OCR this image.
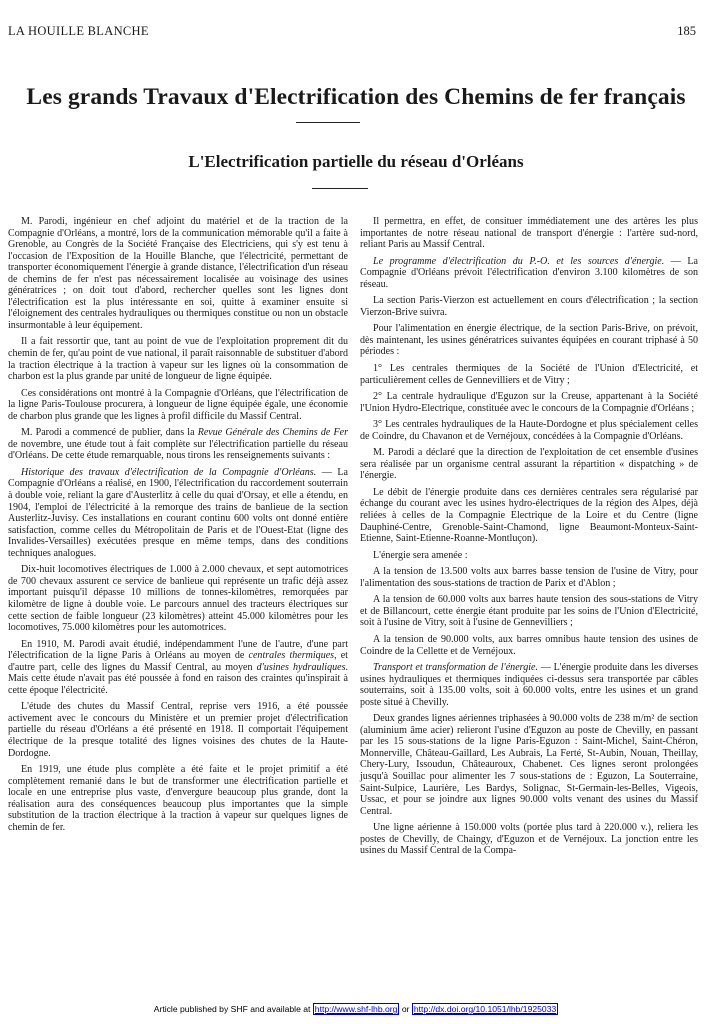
LA HOUILLE BLANCHE	185
Les grands Travaux d'Electrification des Chemins de fer français
L'Electrification partielle du réseau d'Orléans

M. Parodi, ingénieur en chef adjoint du matériel et de la traction de la Compagnie d'Orléans, a montré, lors de la communication mémorable qu'il a faite à Grenoble, au Congrès de la Société Française des Electriciens, qui s'y est tenu à l'occasion de l'Exposition de la Houille Blanche, que l'électricité, permettant de transporter économiquement l'énergie à grande distance, l'électrification d'un réseau de chemins de fer n'est pas nécessairement localisée au voisinage des usines génératrices ; on doit tout d'abord, rechercher quelles sont les lignes dont l'électrification est la plus intéressante en soi, quitte à examiner ensuite si l'éloignement des centrales hydrauliques ou thermiques constitue ou non un obstacle insurmontable à leur équipement.

Il a fait ressortir que, tant au point de vue de l'exploitation proprement dit du chemin de fer, qu'au point de vue national, il paraît raisonnable de substituer d'abord la traction électrique à la traction à vapeur sur les lignes où la consommation de charbon est la plus grande par unité de longueur de ligne équipée.

Ces considérations ont montré à la Compagnie d'Orléans, que l'électrification de la ligne Paris-Toulouse procurera, à longueur de ligne équipée égale, une économie de charbon plus grande que les lignes à profil difficile du Massif Central.

M. Parodi a commencé de publier, dans la Revue Générale des Chemins de Fer de novembre, une étude tout à fait complète sur l'électrification partielle du réseau d'Orléans. De cette étude remarquable, nous tirons les renseignements suivants :

Historique des travaux d'électrification de la Compagnie d'Orléans. — La Compagnie d'Orléans a réalisé, en 1900, l'électrification du raccordement souterrain à double voie, reliant la gare d'Austerlitz à celle du quai d'Orsay, et elle a étendu, en 1904, l'emploi de l'électricité à la remorque des trains de banlieue de la section Austerlitz-Juvisy. Ces installations en courant continu 600 volts ont donné entière satisfaction, comme celles du Métropolitain de Paris et de l'Ouest-Etat (ligne des Invalides-Versailles) exécutées presque en même temps, dans des conditions techniques analogues.

Dix-huit locomotives électriques de 1.000 à 2.000 chevaux, et sept automotrices de 700 chevaux assurent ce service de banlieue qui représente un trafic déjà assez important puisqu'il dépasse 10 millions de tonnes-kilomètres, remorquées par kilomètre de ligne à double voie. Le parcours annuel des tracteurs électriques sur cette section de faible longueur (23 kilomètres) atteint 45.000 kilomètres pour les locomotives, 75.000 kilomètres pour les automotrices.

En 1910, M. Parodi avait étudié, indépendamment l'une de l'autre, d'une part l'électrification de la ligne Paris à Orléans au moyen de centrales thermiques, et d'autre part, celle des lignes du Massif Central, au moyen d'usines hydrauliques. Mais cette étude n'avait pas été poussée à fond en raison des craintes qu'inspirait à cette époque l'électricité.

L'étude des chutes du Massif Central, reprise vers 1916, a été poussée activement avec le concours du Ministère et un premier projet d'électrification partielle du réseau d'Orléans a été présenté en 1918. Il comportait l'équipement électrique de la presque totalité des lignes voisines des chutes de la Haute-Dordogne.

En 1919, une étude plus complète a été faite et le projet primitif a été complètement remanié dans le but de transformer une électrification partielle et locale en une entreprise plus vaste, d'envergure beaucoup plus grande, dont la réalisation aura des conséquences beaucoup plus importantes que la simple substitution de la traction électrique à la traction à vapeur sur quelques lignes de chemin de fer.

Il permettra, en effet, de consituer immédiatement une des artères les plus importantes de notre réseau national de transport d'énergie : l'artère sud-nord, reliant Paris au Massif Central.

Le programme d'électrification du P.-O. et les sources d'énergie. — La Compagnie d'Orléans prévoit l'électrification d'environ 3.100 kilomètres de son réseau.

La section Paris-Vierzon est actuellement en cours d'électrification ; la section Vierzon-Brive suivra.

Pour l'alimentation en énergie électrique, de la section Paris-Brive, on prévoit, dès maintenant, les usines génératrices suivantes équipées en courant triphasé à 50 périodes :

1° Les centrales thermiques de la Société de l'Union d'Electricité, et particulièrement celles de Gennevilliers et de Vitry ;

2° La centrale hydraulique d'Eguzon sur la Creuse, appartenant à la Société l'Union Hydro-Electrique, constituée avec le concours de la Compagnie d'Orléans ;

3° Les centrales hydrauliques de la Haute-Dordogne et plus spécialement celles de Coindre, du Chavanon et de Vernéjoux, concédées à la Compagnie d'Orléans.

M. Parodi a déclaré que la direction de l'exploitation de cet ensemble d'usines sera réalisée par un organisme central assurant la répartition « dispatching » de l'énergie.

Le débit de l'énergie produite dans ces dernières centrales sera régularisé par échange du courant avec les usines hydro-électriques de la région des Alpes, déjà reliées à celles de la Compagnie Electrique de la Loire et du Centre (ligne Dauphiné-Centre, Grenoble-Saint-Chamond, ligne Beaumont-Monteux-Saint-Etienne, Saint-Etienne-Roanne-Montluçon).

L'énergie sera amenée :

A la tension de 13.500 volts aux barres basse tension de l'usine de Vitry, pour l'alimentation des sous-stations de traction de Parix et d'Ablon ;

A la tension de 60.000 volts aux barres haute tension des sous-stations de Vitry et de Billancourt, cette énergie étant produite par les soins de l'Union d'Electricité, soit à l'usine de Vitry, soit à l'usine de Gennevilliers ;

A la tension de 90.000 volts, aux barres omnibus haute tension des usines de Coindre de la Cellette et de Vernéjoux.

Transport et transformation de l'énergie. — L'énergie produite dans les diverses usines hydrauliques et thermiques indiquées ci-dessus sera transportée par câbles souterrains, soit à 135.00 volts, soit à 60.000 volts, entre les usines et un grand poste situé à Chevilly.

Deux grandes lignes aériennes triphasées à 90.000 volts de 238 m/m² de section (aluminium âme acier) relieront l'usine d'Eguzon au poste de Chevilly, en passant par les 15 sous-stations de la ligne Paris-Eguzon : Saint-Michel, Saint-Chéron, Monnerville, Château-Gaillard, Les Aubrais, La Ferté, St-Aubin, Nouan, Theillay, Chery-Lury, Issoudun, Châteauroux, Chabenet. Ces lignes seront prolongées jusqu'à Souillac pour alimenter les 7 sous-stations de : Eguzon, La Souterraine, Saint-Sulpice, Laurière, Les Bardys, Solignac, St-Germain-les-Belles, Vigeois, Ussac, et pour se joindre aux lignes 90.000 volts venant des usines du Massif Central.

Une ligne aérienne à 150.000 volts (portée plus tard à 220.000 v.), reliera les postes de Chevilly, de Chaingy, d'Eguzon et de Vernéjoux. La jonction entre les usines du Massif Central de la Compa-

Article published by SHF and available at http://www.shf-lhb.org or http://dx.doi.org/10.1051/lhb/1925033
